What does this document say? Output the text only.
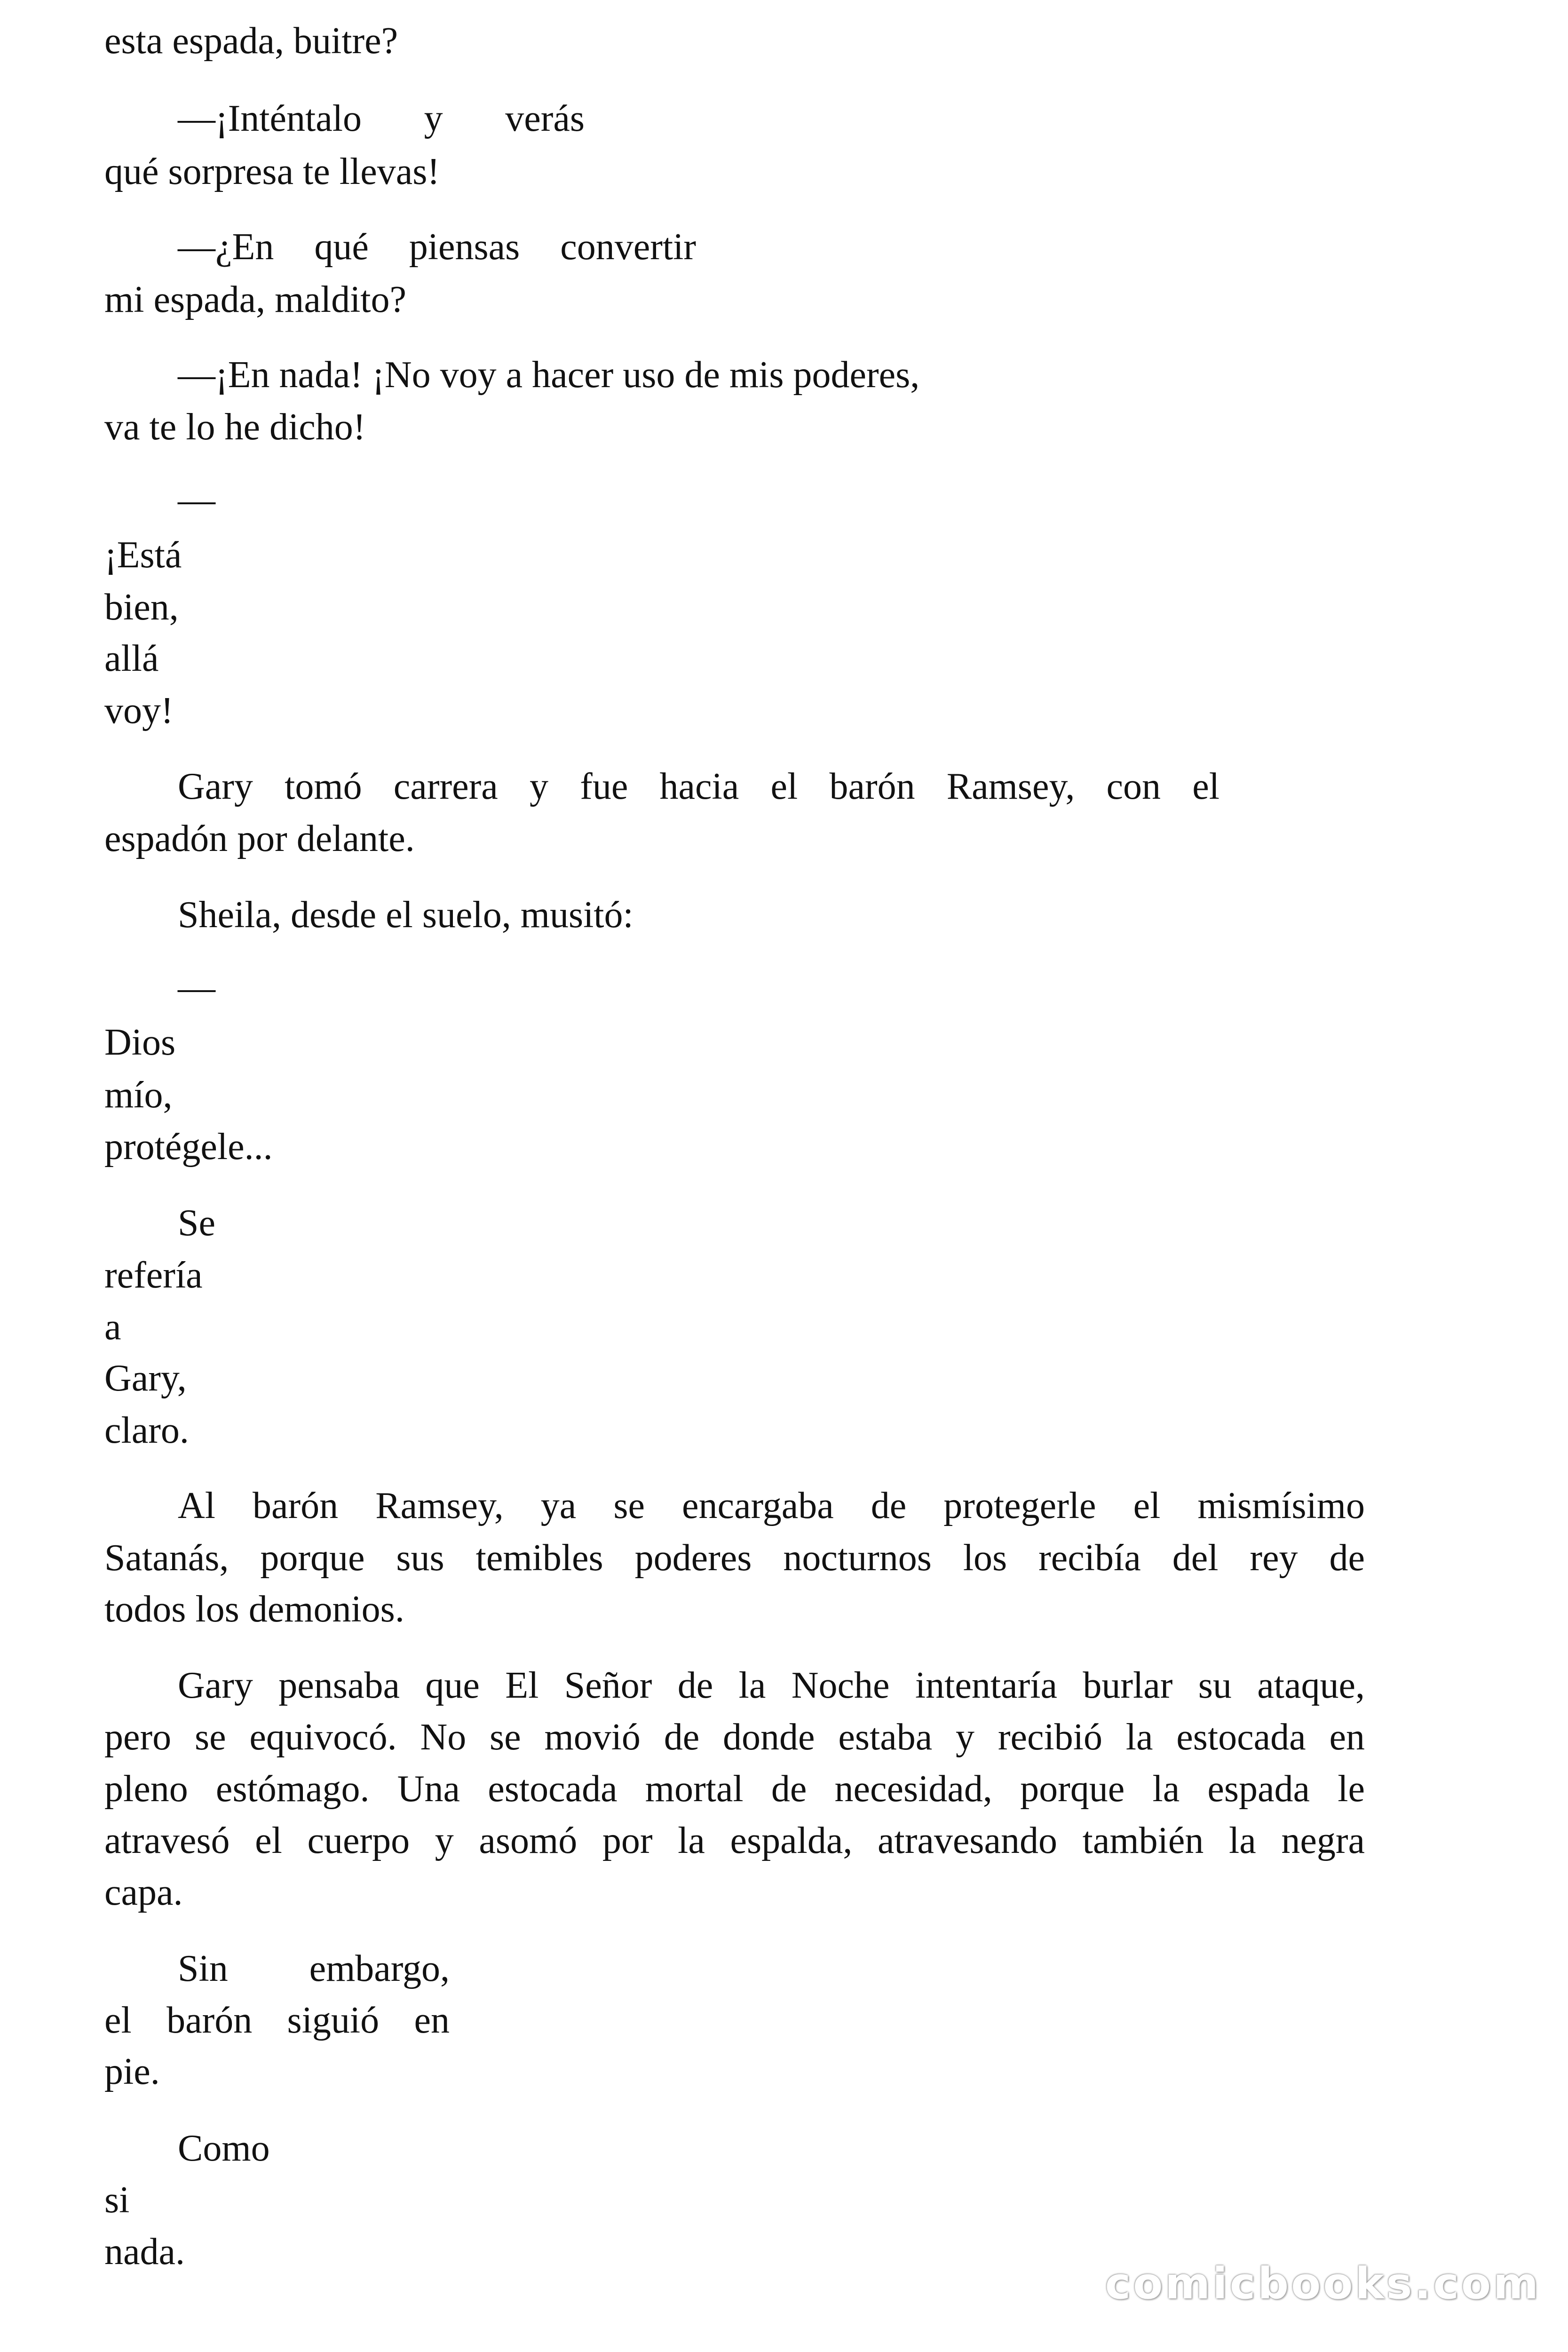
esta espada, buitre?

—¡Inténtalo y verás

qué sorpresa te llevas!

—¿En qué piensas convertir

mi espada, maldito?

—¡En nada! ¡No voy a hacer uso de mis poderes,

va te lo he dicho!

—

¡Está

bien,

allá

voy!

Gary tomó carrera y fue hacia el barón Ramsey, con el

espadón por delante.

Sheila, desde el suelo, musitó:

—

Dios

mío,

protégele...

Se

refería

a

Gary,

claro.

Al barón Ramsey, ya se encargaba de protegerle el mismísimo

Satanás, porque sus temibles poderes nocturnos los recibía del rey de

todos los demonios.

Gary pensaba que El Señor de la Noche intentaría burlar su ataque,

pero se equivocó. No se movió de donde estaba y recibió la estocada en

pleno estómago. Una estocada mortal de necesidad, porque la espada le

atravesó el cuerpo y asomó por la espalda, atravesando también la negra

capa.

Sin embargo,

el barón siguió en

pie.

Como

si

nada.

comicbooks.com
